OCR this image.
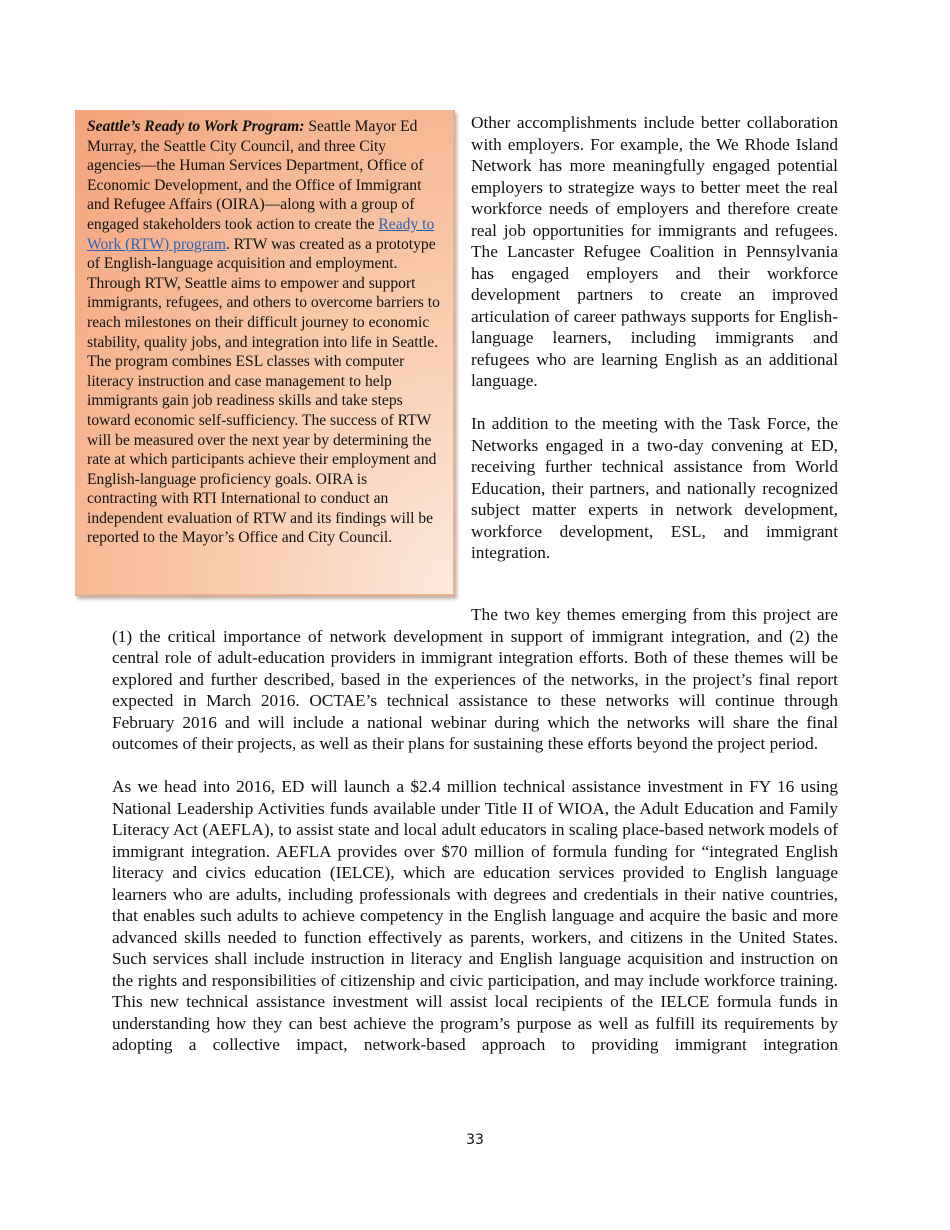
Seattle’s Ready to Work Program: Seattle Mayor Ed Murray, the Seattle City Council, and three City agencies—the Human Services Department, Office of Economic Development, and the Office of Immigrant and Refugee Affairs (OIRA)—along with a group of engaged stakeholders took action to create the Ready to Work (RTW) program. RTW was created as a prototype of English-language acquisition and employment. Through RTW, Seattle aims to empower and support immigrants, refugees, and others to overcome barriers to reach milestones on their difficult journey to economic stability, quality jobs, and integration into life in Seattle. The program combines ESL classes with computer literacy instruction and case management to help immigrants gain job readiness skills and take steps toward economic self-sufficiency. The success of RTW will be measured over the next year by determining the rate at which participants achieve their employment and English-language proficiency goals. OIRA is contracting with RTI International to conduct an independent evaluation of RTW and its findings will be reported to the Mayor’s Office and City Council.

Other accomplishments include better collaboration with employers. For example, the We Rhode Island Network has more meaningfully engaged potential employers to strategize ways to better meet the real workforce needs of employers and therefore create real job opportunities for immigrants and refugees. The Lancaster Refugee Coalition in Pennsylvania has engaged employers and their workforce development partners to create an improved articulation of career pathways supports for English-language learners, including immigrants and refugees who are learning English as an additional language.

In addition to the meeting with the Task Force, the Networks engaged in a two-day convening at ED, receiving further technical assistance from World Education, their partners, and nationally recognized subject matter experts in network development, workforce development, ESL, and immigrant integration.

The two key themes emerging from this project are (1) the critical importance of network development in support of immigrant integration, and (2) the central role of adult-education providers in immigrant integration efforts. Both of these themes will be explored and further described, based in the experiences of the networks, in the project’s final report expected in March 2016. OCTAE’s technical assistance to these networks will continue through February 2016 and will include a national webinar during which the networks will share the final outcomes of their projects, as well as their plans for sustaining these efforts beyond the project period.

As we head into 2016, ED will launch a $2.4 million technical assistance investment in FY 16 using National Leadership Activities funds available under Title II of WIOA, the Adult Education and Family Literacy Act (AEFLA), to assist state and local adult educators in scaling place-based network models of immigrant integration. AEFLA provides over $70 million of formula funding for “integrated English literacy and civics education (IELCE), which are education services provided to English language learners who are adults, including professionals with degrees and credentials in their native countries, that enables such adults to achieve competency in the English language and acquire the basic and more advanced skills needed to function effectively as parents, workers, and citizens in the United States. Such services shall include instruction in literacy and English language acquisition and instruction on the rights and responsibilities of citizenship and civic participation, and may include workforce training. This new technical assistance investment will assist local recipients of the IELCE formula funds in understanding how they can best achieve the program’s purpose as well as fulfill its requirements by adopting a collective impact, network-based approach to providing immigrant integration

33
